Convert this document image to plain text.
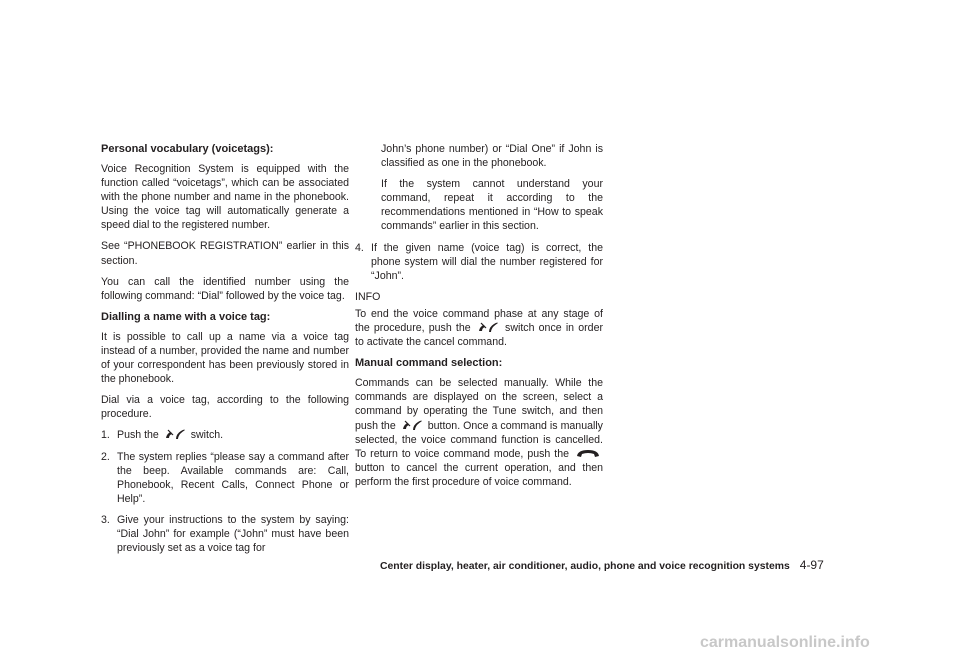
Personal vocabulary (voicetags):

Voice Recognition System is equipped with the function called “voicetags”, which can be associated with the phone number and name in the phonebook. Using the voice tag will automatically generate a speed dial to the registered number.

See “PHONEBOOK REGISTRATION” earlier in this section.

You can call the identified number using the following command: “Dial” followed by the voice tag.

Dialling a name with a voice tag:

It is possible to call up a name via a voice tag instead of a number, provided the name and number of your correspondent has been previously stored in the phonebook.

Dial via a voice tag, according to the following procedure.

1. Push the	switch.
2. The system replies “please say a command after the beep. Available commands are: Call, Phonebook, Recent Calls, Connect Phone or Help”.
3. Give your instructions to the system by saying: “Dial John” for example (“John” must have been previously set as a voice tag for

John’s phone number) or “Dial One” if John is classified as one in the phonebook.

If the system cannot understand your command, repeat it according to the recommendations mentioned in “How to speak commands” earlier in this section.

4. If the given name (voice tag) is correct, the phone system will dial the number registered for “John”.

INFO

To end the voice command phase at any stage of the procedure, push the	switch once in order to activate the cancel command.

Manual command selection:

Commands can be selected manually. While the commands are displayed on the screen, select a command by operating the Tune switch, and then push the	button. Once a command is manually selected, the voice command function is cancelled. To return to voice command mode, push the  button to cancel the current operation, and then perform the first procedure of voice command.

Center display, heater, air conditioner, audio, phone and voice recognition systems 4-97
carmanualsonline.info
